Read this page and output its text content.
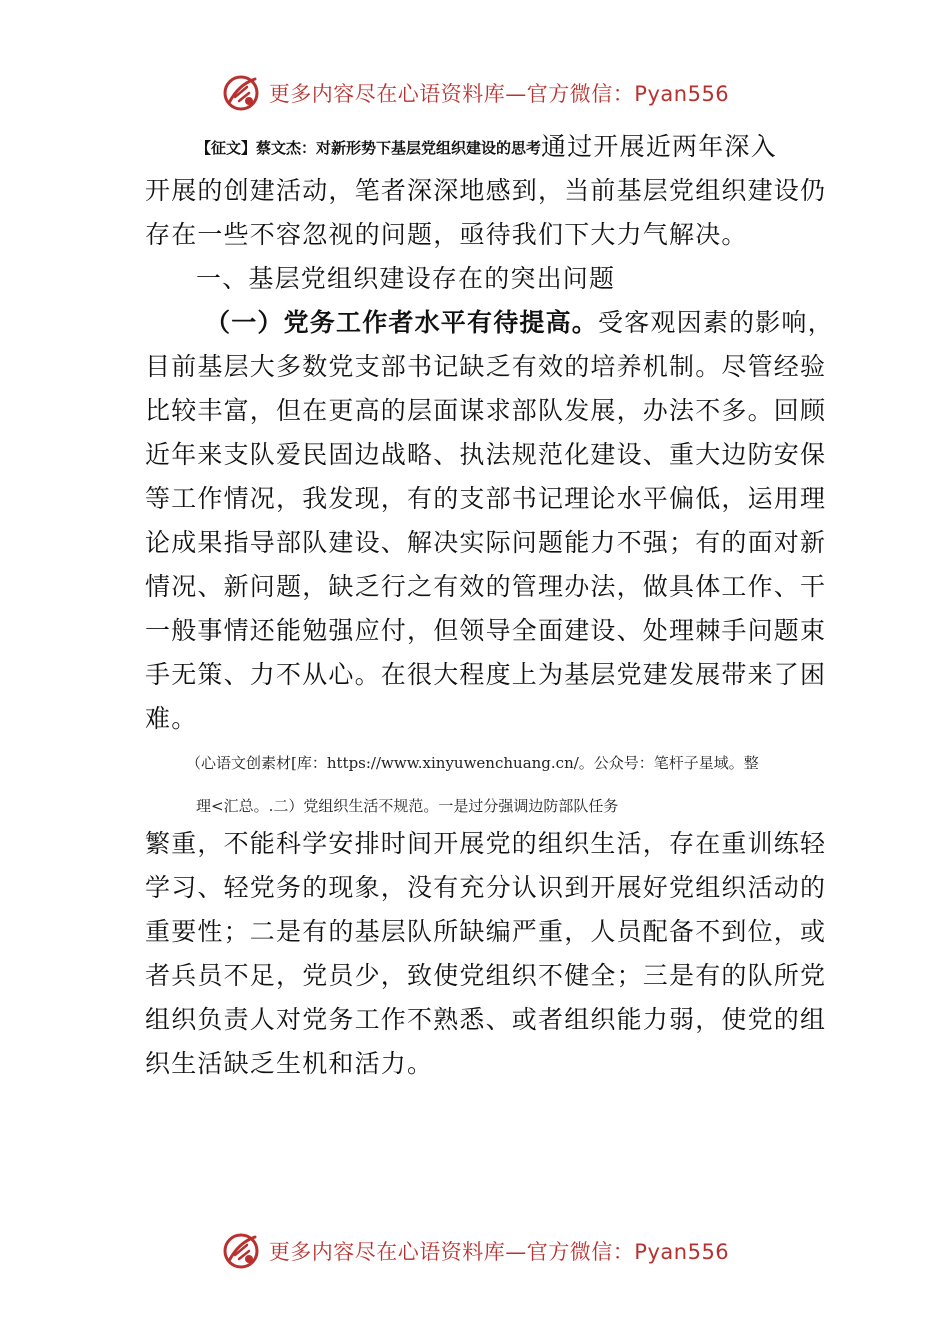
更多内容尽在心语资料库—官方微信：Pyan556
【征文】蔡文杰：对新形势下基层党组织建设的思考通过开展近两年深入
开展的创建活动，笔者深深地感到，当前基层党组织建设仍
存在一些不容忽视的问题，亟待我们下大力气解决。
一、基层党组织建设存在的突出问题
（一）党务工作者水平有待提高。受客观因素的影响，
目前基层大多数党支部书记缺乏有效的培养机制。尽管经验
比较丰富，但在更高的层面谋求部队发展，办法不多。回顾
近年来支队爱民固边战略、执法规范化建设、重大边防安保
等工作情况，我发现，有的支部书记理论水平偏低，运用理
论成果指导部队建设、解决实际问题能力不强；有的面对新
情况、新问题，缺乏行之有效的管理办法，做具体工作、干
一般事情还能勉强应付，但领导全面建设、处理棘手问题束
手无策、力不从心。在很大程度上为基层党建发展带来了困
难。
（心语文创素材[库：https://www.xinyuwenchuang.cn/。公众号：笔杆子星域。整
理<汇总。.二）党组织生活不规范。一是过分强调边防部队任务
繁重，不能科学安排时间开展党的组织生活，存在重训练轻
学习、轻党务的现象，没有充分认识到开展好党组织活动的
重要性；二是有的基层队所缺编严重，人员配备不到位，或
者兵员不足，党员少，致使党组织不健全；三是有的队所党
组织负责人对党务工作不熟悉、或者组织能力弱，使党的组
织生活缺乏生机和活力。
更多内容尽在心语资料库—官方微信：Pyan556
